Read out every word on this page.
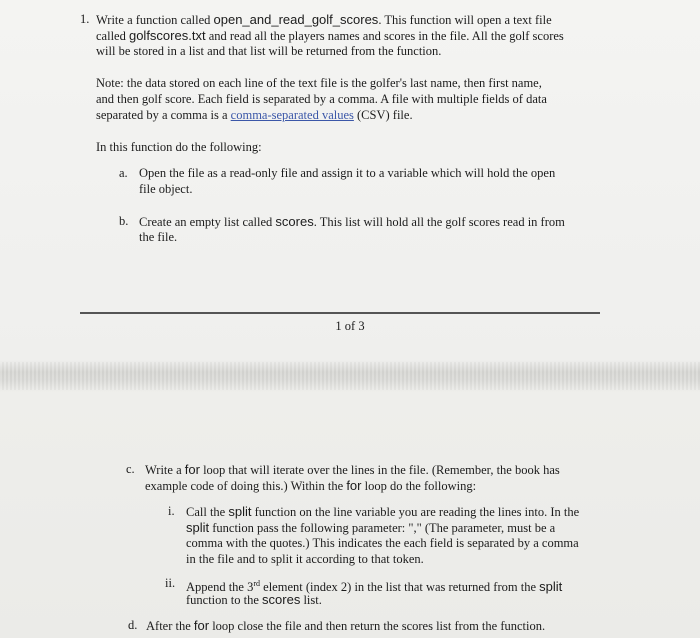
1. Write a function called open_and_read_golf_scores. This function will open a text file
called golfscores.txt and read all the players names and scores in the file. All the golf scores
will be stored in a list and that list will be returned from the function.
Note: the data stored on each line of the text file is the golfer's last name, then first name,
and then golf score. Each field is separated by a comma. A file with multiple fields of data
separated by a comma is a comma-separated values (CSV) file.
In this function do the following:
a. Open the file as a read-only file and assign it to a variable which will hold the open
file object.
b. Create an empty list called scores. This list will hold all the golf scores read in from
the file.
1 of 3
c. Write a for loop that will iterate over the lines in the file. (Remember, the book has
example code of doing this.) Within the for loop do the following:
i. Call the split function on the line variable you are reading the lines into. In the
split function pass the following parameter: "," (The parameter, must be a
comma with the quotes.) This indicates the each field is separated by a comma
in the file and to split it according to that token.
ii. Append the 3rd element (index 2) in the list that was returned from the split
function to the scores list.
d. After the for loop close the file and then return the scores list from the function.
